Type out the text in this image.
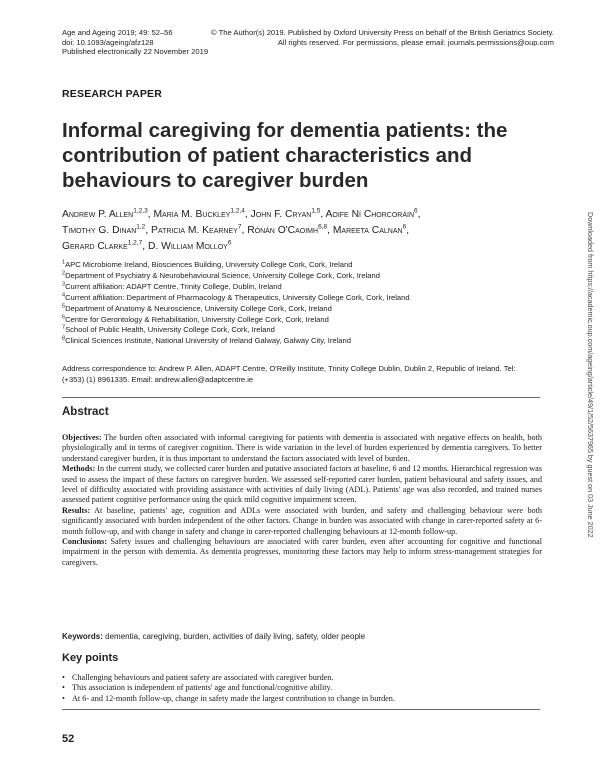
Age and Ageing 2019; 49: 52–56
doi: 10.1093/ageing/afz128
Published electronically 22 November 2019
© The Author(s) 2019. Published by Oxford University Press on behalf of the British Geriatrics Society.
All rights reserved. For permissions, please email: journals.permissions@oup.com
RESEARCH PAPER
Informal caregiving for dementia patients: the contribution of patient characteristics and behaviours to caregiver burden
Andrew P. Allen$^{1,2,3}$, Maria M. Buckley$^{1,2,4}$, John F. Cryan$^{1,5}$, Aoife Ní Chorcoráin$^6$,
Timothy G. Dinan$^{1,2}$, Patricia M. Kearney$^7$, Rónán O'Caoimh$^{6,8}$, Mareeta Calnan$^6$,
Gerard Clarke$^{1,2,7}$, D. William Molloy$^6$
$^1$APC Microbiome Ireland, Biosciences Building, University College Cork, Cork, Ireland
$^2$Department of Psychiatry & Neurobehavioural Science, University College Cork, Cork, Ireland
$^3$Current affiliation: ADAPT Centre, Trinity College, Dublin, Ireland
$^4$Current affiliation: Department of Pharmacology & Therapeutics, University College Cork, Cork, Ireland
$^5$Department of Anatomy & Neuroscience, University College Cork, Cork, Ireland
$^6$Centre for Gerontology & Rehabilitation, University College Cork, Cork, Ireland
$^7$School of Public Health, University College Cork, Cork, Ireland
$^8$Clinical Sciences Institute, National University of Ireland Galway, Galway City, Ireland
Address correspondence to: Andrew P. Allen, ADAPT Centre, O'Reilly Institute, Trinity College Dublin, Dublin 2, Republic of Ireland. Tel: (+353) (1) 8961335. Email: andrew.allen@adaptcentre.ie
Abstract

Objectives: The burden often associated with informal caregiving for patients with dementia is associated with negative effects on health, both physiologically and in terms of caregiver cognition. There is wide variation in the level of burden experienced by dementia caregivers. To better understand caregiver burden, it is thus important to understand the factors associated with level of burden.

Methods: In the current study, we collected carer burden and putative associated factors at baseline, 6 and 12 months. Hierarchical regression was used to assess the impact of these factors on caregiver burden. We assessed self-reported carer burden, patient behavioural and safety issues, and level of difficulty associated with providing assistance with activities of daily living (ADL). Patients' age was also recorded, and trained nurses assessed patient cognitive performance using the quick mild cognitive impairment screen.

Results: At baseline, patients' age, cognition and ADLs were associated with burden, and safety and challenging behaviour were both significantly associated with burden independent of the other factors. Change in burden was associated with change in carer-reported safety at 6-month follow-up, and with change in safety and change in carer-reported challenging behaviours at 12-month follow-up.

Conclusions: Safety issues and challenging behaviours are associated with carer burden, even after accounting for cognitive and functional impairment in the person with dementia. As dementia progresses, monitoring these factors may help to inform stress-management strategies for caregivers.

Keywords: dementia, caregiving, burden, activities of daily living, safety, older people
Key points
• Challenging behaviours and patient safety are associated with caregiver burden.
• This association is independent of patients' age and functional/cognitive ability.
• At 6- and 12-month follow-up, change in safety made the largest contribution to change in burden.
52
Downloaded from https://academic.oup.com/ageing/article/49/1/52/5637965 by guest on 03 June 2022
